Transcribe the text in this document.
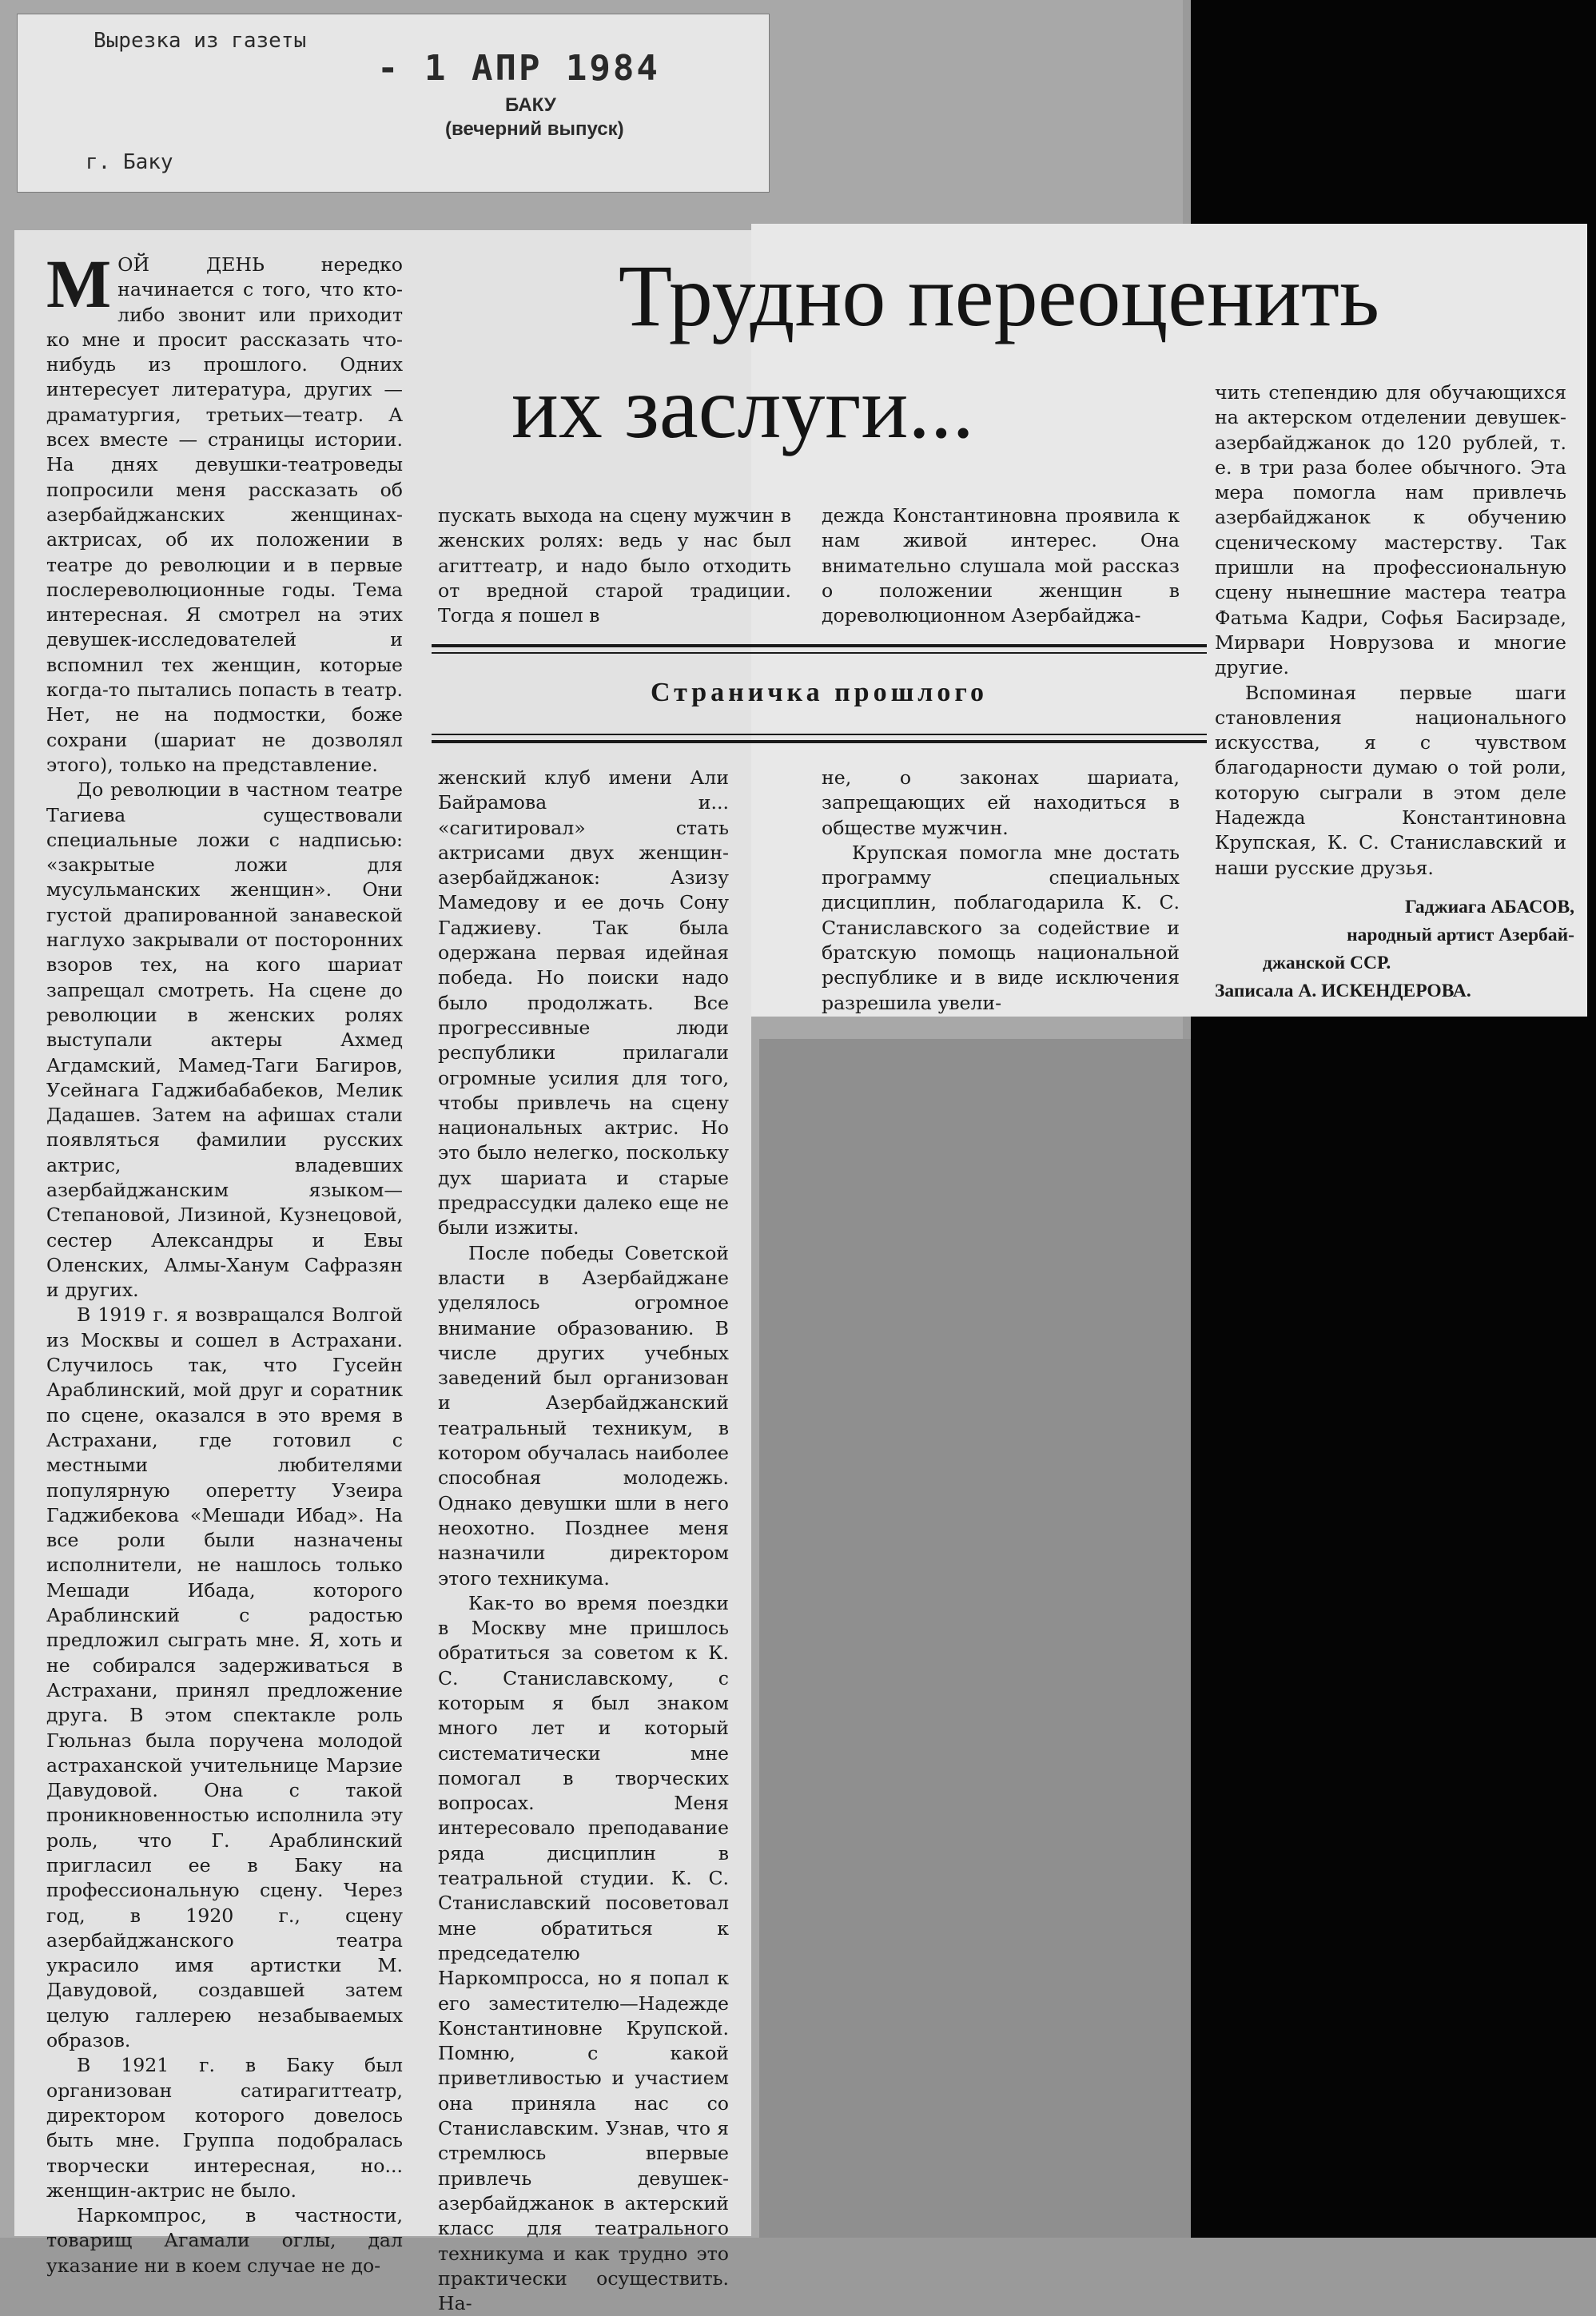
Вырезка из газеты
- 1 АПР 1984
БАКУ
(вечерний выпуск)
г. Баку
Трудно переоценить
их заслуги...

МОЙ ДЕНЬ нередко начинается с того, что кто-либо звонит или приходит ко мне и просит рассказать что-нибудь из прошлого. Одних интересует литература, других —драматургия, третьих—театр. А всех вместе — страницы истории. На днях девушки-театроведы попросили меня рассказать об азербайджанских женщинах-актрисах, об их положении в театре до революции и в первые послереволюционные годы. Тема интересная. Я смотрел на этих девушек-исследователей и вспомнил тех женщин, которые когда-то пытались попасть в театр. Нет, не на подмостки, боже сохрани (шариат не дозволял этого), только на представление.

До революции в частном театре Тагиева существовали специальные ложи с надписью: «закрытые ложи для мусульманских женщин». Они густой драпированной занавеской наглухо закрывали от посторонних взоров тех, на кого шариат запрещал смотреть. На сцене до революции в женских ролях выступали актеры Ахмед Агдамский, Мамед-Таги Багиров, Усейнага Гаджибабабеков, Мелик Дадашев. Затем на афишах стали появляться фамилии русских актрис, владевших азербайджанским языком—Степановой, Лизиной, Кузнецовой, сестер Александры и Евы Оленских, Алмы-Ханум Сафразян и других.

В 1919 г. я возвращался Волгой из Москвы и сошел в Астрахани. Случилось так, что Гусейн Араблинский, мой друг и соратник по сцене, оказался в это время в Астрахани, где готовил с местными любителями популярную оперетту Узеира Гаджибекова «Мешади Ибад». На все роли были назначены исполнители, не нашлось только Мешади Ибада, которого Араблинский с радостью предложил сыграть мне. Я, хоть и не собирался задерживаться в Астрахани, принял предложение друга. В этом спектакле роль Гюльназ была поручена молодой астраханской учительнице Марзие Давудовой. Она с такой проникновенностью исполнила эту роль, что Г. Араблинский пригласил ее в Баку на профессиональную сцену. Через год, в 1920 г., сцену азербайджанского театра украсило имя артистки М. Давудовой, создавшей затем целую галлерею незабываемых образов.

В 1921 г. в Баку был организован сатирагиттеатр, директором которого довелось быть мне. Группа подобралась творчески интересная, но... женщин-актрис не было.

Наркомпрос, в частности, товарищ Агамали оглы, дал указание ни в коем случае не до-

пускать выхода на сцену мужчин в женских ролях: ведь у нас был агиттеатр, и надо было отходить от вредной старой традиции. Тогда я пошел в

дежда Константиновна проявила к нам живой интерес. Она внимательно слушала мой рассказ о положении женщин в дореволюционном Азербайджа-

Страничка прошлого

женский клуб имени Али Байрамова и... «сагитировал» стать актрисами двух женщин-азербайджанок: Азизу Мамедову и ее дочь Сону Гаджиеву. Так была одержана первая идейная победа. Но поиски надо было продолжать. Все прогрессивные люди республики прилагали огромные усилия для того, чтобы привлечь на сцену национальных актрис. Но это было нелегко, поскольку дух шариата и старые предрассудки далеко еще не были изжиты.

После победы Советской власти в Азербайджане уделялось огромное внимание образованию. В числе других учебных заведений был организован и Азербайджанский театральный техникум, в котором обучалась наиболее способная молодежь. Однако девушки шли в него неохотно. Позднее меня назначили директором этого техникума.

Как-то во время поездки в Москву мне пришлось обратиться за советом к К. С. Станиславскому, с которым я был знаком много лет и который систематически мне помогал в творческих вопросах. Меня интересовало преподавание ряда дисциплин в театральной студии. К. С. Станиславский посоветовал мне обратиться к председателю Наркомпросса, но я попал к его заместителю—Надежде Константиновне Крупской. Помню, с какой приветливостью и участием она приняла нас со Станиславским. Узнав, что я стремлюсь впервые привлечь девушек-азербайджанок в актерский класс для театрального техникума и как трудно это практически осуществить. На-

не, о законах шариата, запрещающих ей находиться в обществе мужчин.

Крупская помогла мне достать программу специальных дисциплин, поблагодарила К. С. Станиславского за содействие и братскую помощь национальной республике и в виде исключения разрешила увели-

чить степендию для обучающихся на актерском отделении девушек-азербайджанок до 120 рублей, т. е. в три раза более обычного. Эта мера помогла нам привлечь азербайджанок к обучению сценическому мастерству. Так пришли на профессиональную сцену нынешние мастера театра Фатьма Кадри, Софья Басирзаде, Мирвари Новрузова и многие другие.

Вспоминая первые шаги становления национального искусства, я с чувством благодарности думаю о той роли, которую сыграли в этом деле Надежда Константиновна Крупская, К. С. Станиславский и наши русские друзья.

Гаджиага АБАСОВ,
народный артист Азербай-
джанской ССР.
Записала А. ИСКЕНДЕРОВА.
